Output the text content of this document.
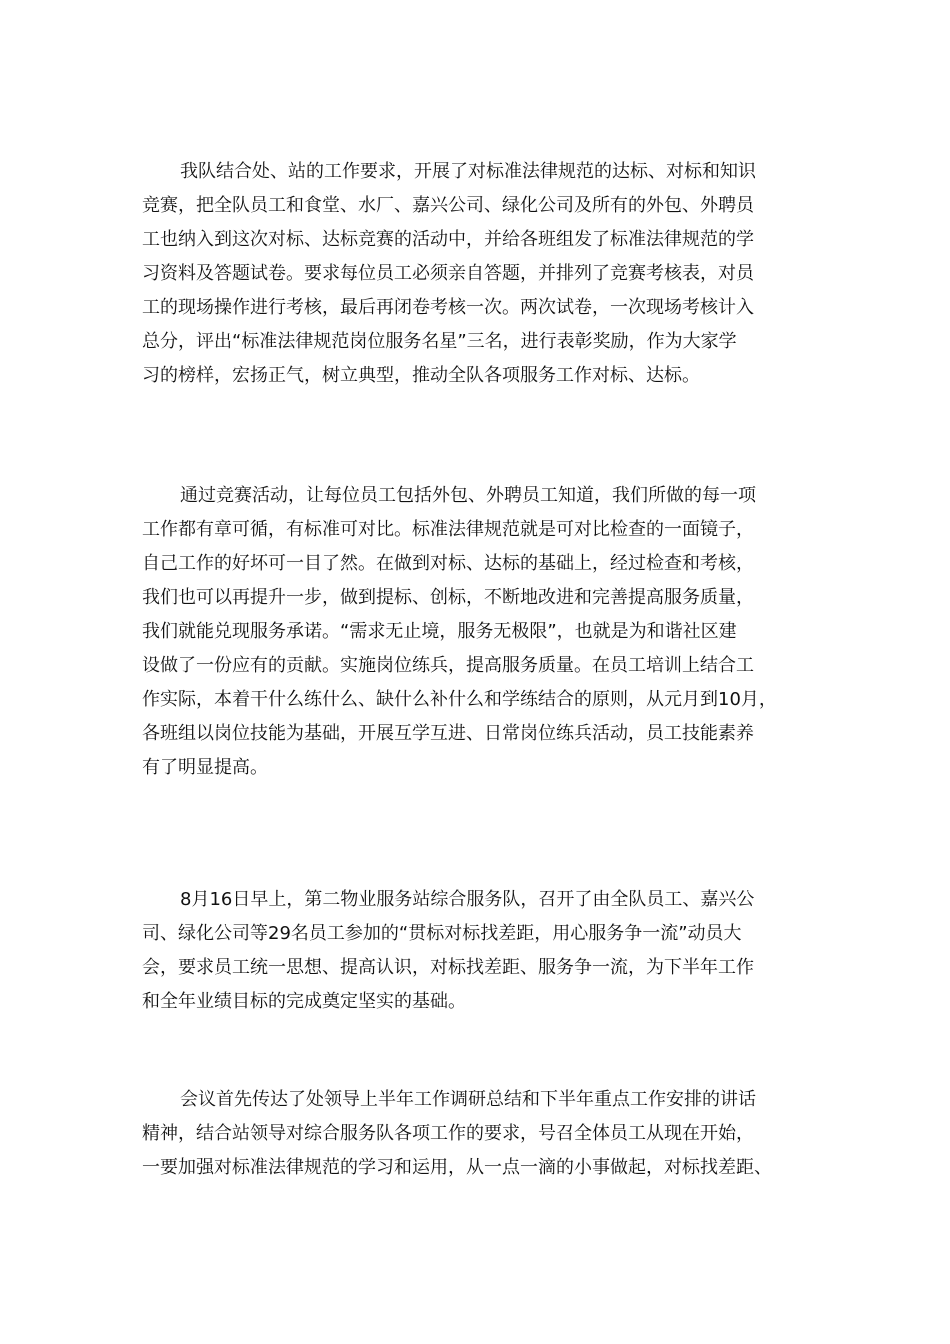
我队结合处、站的工作要求，开展了对标准法律规范的达标、对标和知识
竞赛，把全队员工和食堂、水厂、嘉兴公司、绿化公司及所有的外包、外聘员
工也纳入到这次对标、达标竞赛的活动中，并给各班组发了标准法律规范的学
习资料及答题试卷。要求每位员工必须亲自答题，并排列了竞赛考核表，对员
工的现场操作进行考核，最后再闭卷考核一次。两次试卷，一次现场考核计入
总分，评出“标准法律规范岗位服务名星”三名，进行表彰奖励，作为大家学
习的榜样，宏扬正气，树立典型，推动全队各项服务工作对标、达标。

通过竞赛活动，让每位员工包括外包、外聘员工知道，我们所做的每一项
工作都有章可循，有标准可对比。标准法律规范就是可对比检查的一面镜子，
自己工作的好坏可一目了然。在做到对标、达标的基础上，经过检查和考核，
我们也可以再提升一步，做到提标、创标，不断地改进和完善提高服务质量，
我们就能兑现服务承诺。“需求无止境，服务无极限”，也就是为和谐社区建
设做了一份应有的贡献。实施岗位练兵，提高服务质量。在员工培训上结合工
作实际，本着干什么练什么、缺什么补什么和学练结合的原则，从元月到10月，
各班组以岗位技能为基础，开展互学互进、日常岗位练兵活动，员工技能素养
有了明显提高。

8月16日早上，第二物业服务站综合服务队，召开了由全队员工、嘉兴公
司、绿化公司等29名员工参加的“贯标对标找差距，用心服务争一流”动员大
会，要求员工统一思想、提高认识，对标找差距、服务争一流，为下半年工作
和全年业绩目标的完成奠定坚实的基础。

会议首先传达了处领导上半年工作调研总结和下半年重点工作安排的讲话
精神，结合站领导对综合服务队各项工作的要求，号召全体员工从现在开始，
一要加强对标准法律规范的学习和运用，从一点一滴的小事做起，对标找差距、
